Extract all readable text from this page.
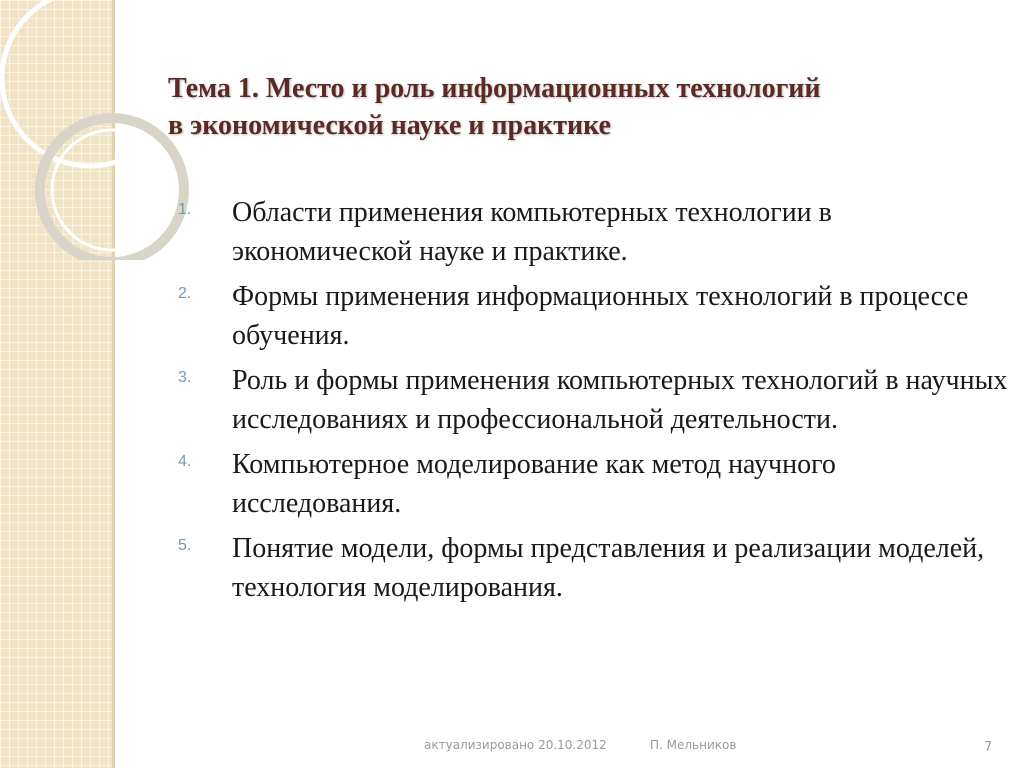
Тема 1. Место и роль информационных технологий
в экономической науке и практике
1. Области применения компьютерных технологии в экономической науке и практике.
2. Формы применения информационных технологий в процессе обучения.
3. Роль и формы применения компьютерных технологий в научных исследованиях и профессиональной деятельности.
4. Компьютерное моделирование как метод научного исследования.
5. Понятие модели, формы представления и реализации моделей, технология моделирования.
актуализировано 20.10.2012	П. Мельников	7
